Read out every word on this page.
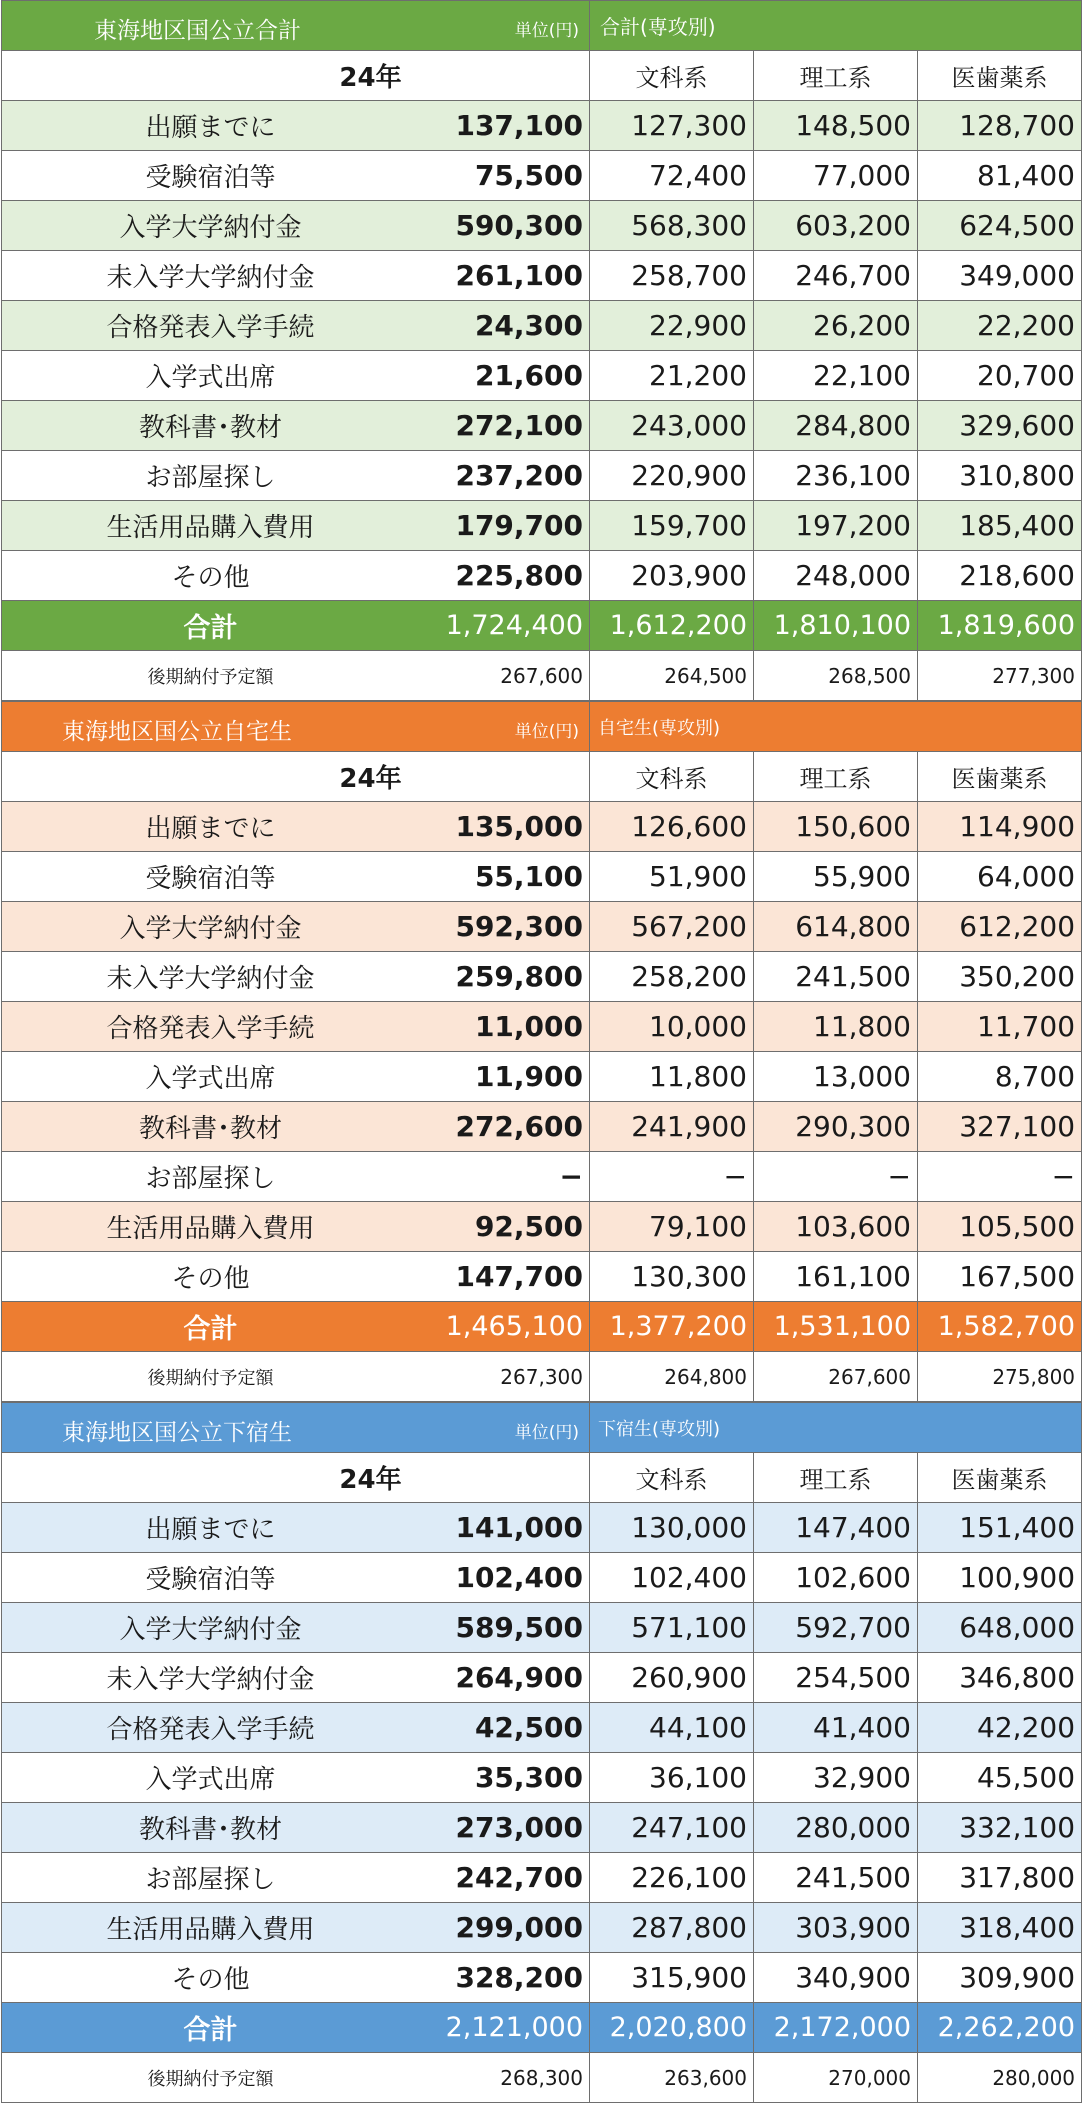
東海地区国公立合計 単位(円)	合計(専攻別)		

24年	文科系	理工系	医歯薬系

出願までに 137,100	127,300	148,500	128,700

受験宿泊等 75,500	72,400	77,000	81,400

入学大学納付金 590,300	568,300	603,200	624,500

未入学大学納付金 261,100	258,700	246,700	349,000

合格発表入学手続 24,300	22,900	26,200	22,200

入学式出席 21,600	21,200	22,100	20,700

教科書･教材 272,100	243,000	284,800	329,600

お部屋探し 237,200	220,900	236,100	310,800

生活用品購入費用 179,700	159,700	197,200	185,400

その他 225,800	203,900	248,000	218,600

合計 1,724,400	1,612,200	1,810,100	1,819,600

後期納付予定額 267,600	264,500	268,500	277,300
東海地区国公立自宅生 単位(円)	自宅生(専攻別)		

24年	文科系	理工系	医歯薬系

出願までに 135,000	126,600	150,600	114,900

受験宿泊等 55,100	51,900	55,900	64,000

入学大学納付金 592,300	567,200	614,800	612,200

未入学大学納付金 259,800	258,200	241,500	350,200

合格発表入学手続 11,000	10,000	11,800	11,700

入学式出席 11,900	11,800	13,000	8,700

教科書･教材 272,600	241,900	290,300	327,100

お部屋探し −	−	−	−

生活用品購入費用 92,500	79,100	103,600	105,500

その他 147,700	130,300	161,100	167,500

合計 1,465,100	1,377,200	1,531,100	1,582,700

後期納付予定額 267,300	264,800	267,600	275,800
東海地区国公立下宿生 単位(円)	下宿生(専攻別)		

24年	文科系	理工系	医歯薬系

出願までに 141,000	130,000	147,400	151,400

受験宿泊等 102,400	102,400	102,600	100,900

入学大学納付金 589,500	571,100	592,700	648,000

未入学大学納付金 264,900	260,900	254,500	346,800

合格発表入学手続 42,500	44,100	41,400	42,200

入学式出席 35,300	36,100	32,900	45,500

教科書･教材 273,000	247,100	280,000	332,100

お部屋探し 242,700	226,100	241,500	317,800

生活用品購入費用 299,000	287,800	303,900	318,400

その他 328,200	315,900	340,900	309,900

合計 2,121,000	2,020,800	2,172,000	2,262,200

後期納付予定額 268,300	263,600	270,000	280,000
